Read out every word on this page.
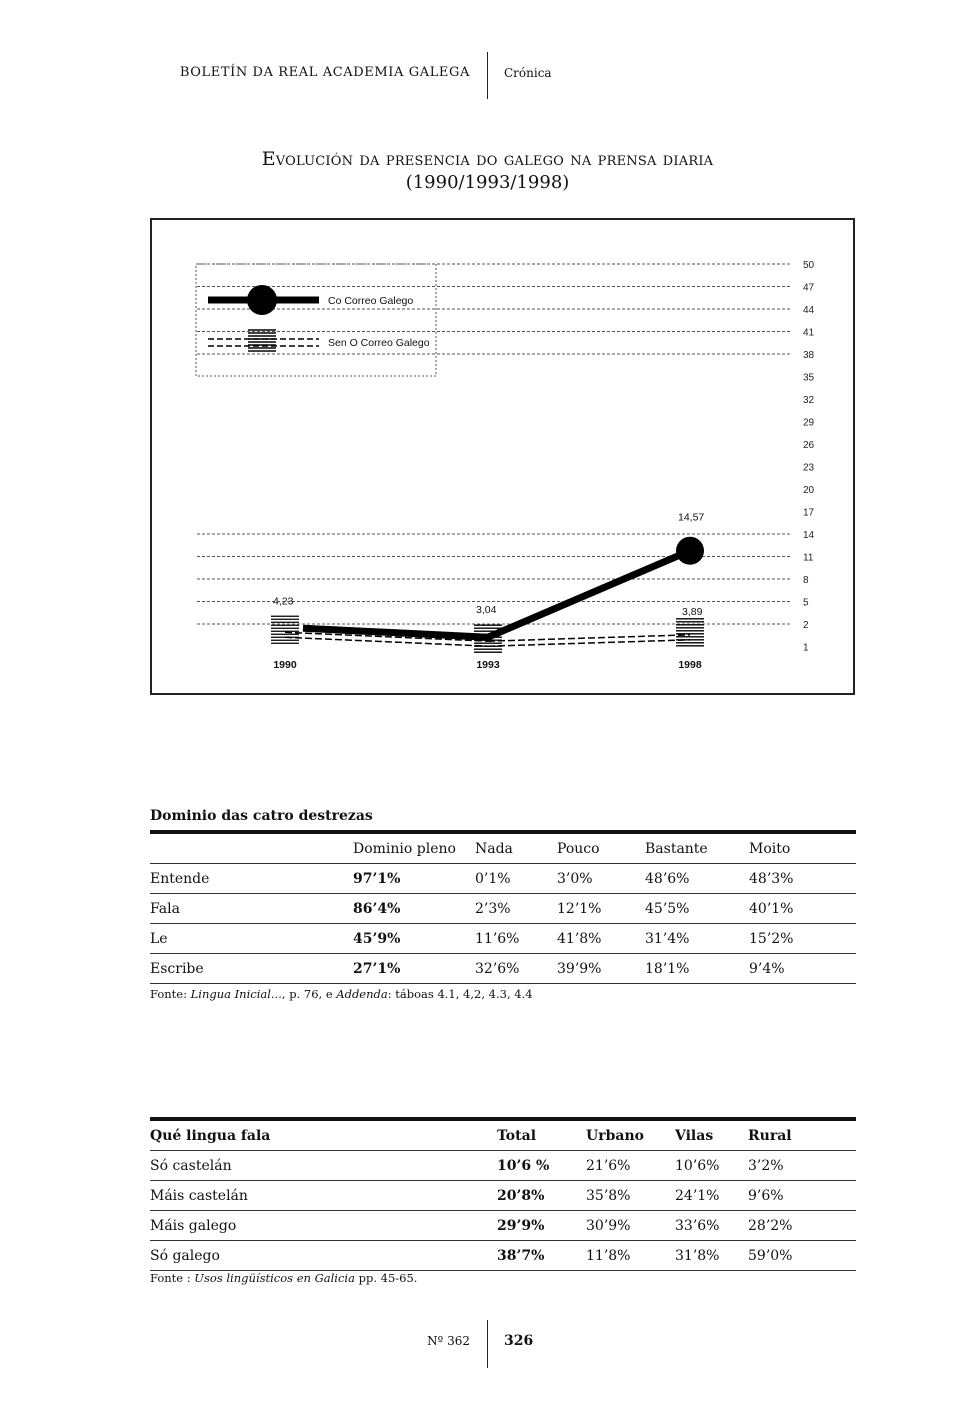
BOLETÍN DA REAL ACADEMIA GALEGA	Crónica
Evolución da presencia do galego na prensa diaria
(1990/1993/1998)
50
47
44
41
38
35
32
29
26
23
20
17
14
11
8
5
2
1
Co Correo Galego
Sen O Correo Galego
3,89
4,23
3,04
14,57
1990	1993	1998
Dominio das catro destrezas
	Dominio pleno	Nada	Pouco	Bastante	Moito
Entende	97’1%	0’1%	3’0%	48’6%	48’3%
Fala	86’4%	2’3%	12’1%	45’5%	40’1%
Le	45’9%	11’6%	41’8%	31’4%	15’2%
Escribe	27’1%	32’6%	39’9%	18’1%	9’4%
Fonte: Lingua Inicial..., p. 76, e Addenda: táboas 4.1, 4,2, 4.3, 4.4
Qué lingua fala	Total	Urbano	Vilas	Rural
Só castelán	10’6 %	21’6%	10’6%	3’2%
Máis castelán	20’8%	35’8%	24’1%	9’6%
Máis galego	29’9%	30’9%	33’6%	28’2%
Só galego	38’7%	11’8%	31’8%	59’0%
Fonte : Usos lingüísticos en Galicia pp. 45-65.
Nº 362 326
